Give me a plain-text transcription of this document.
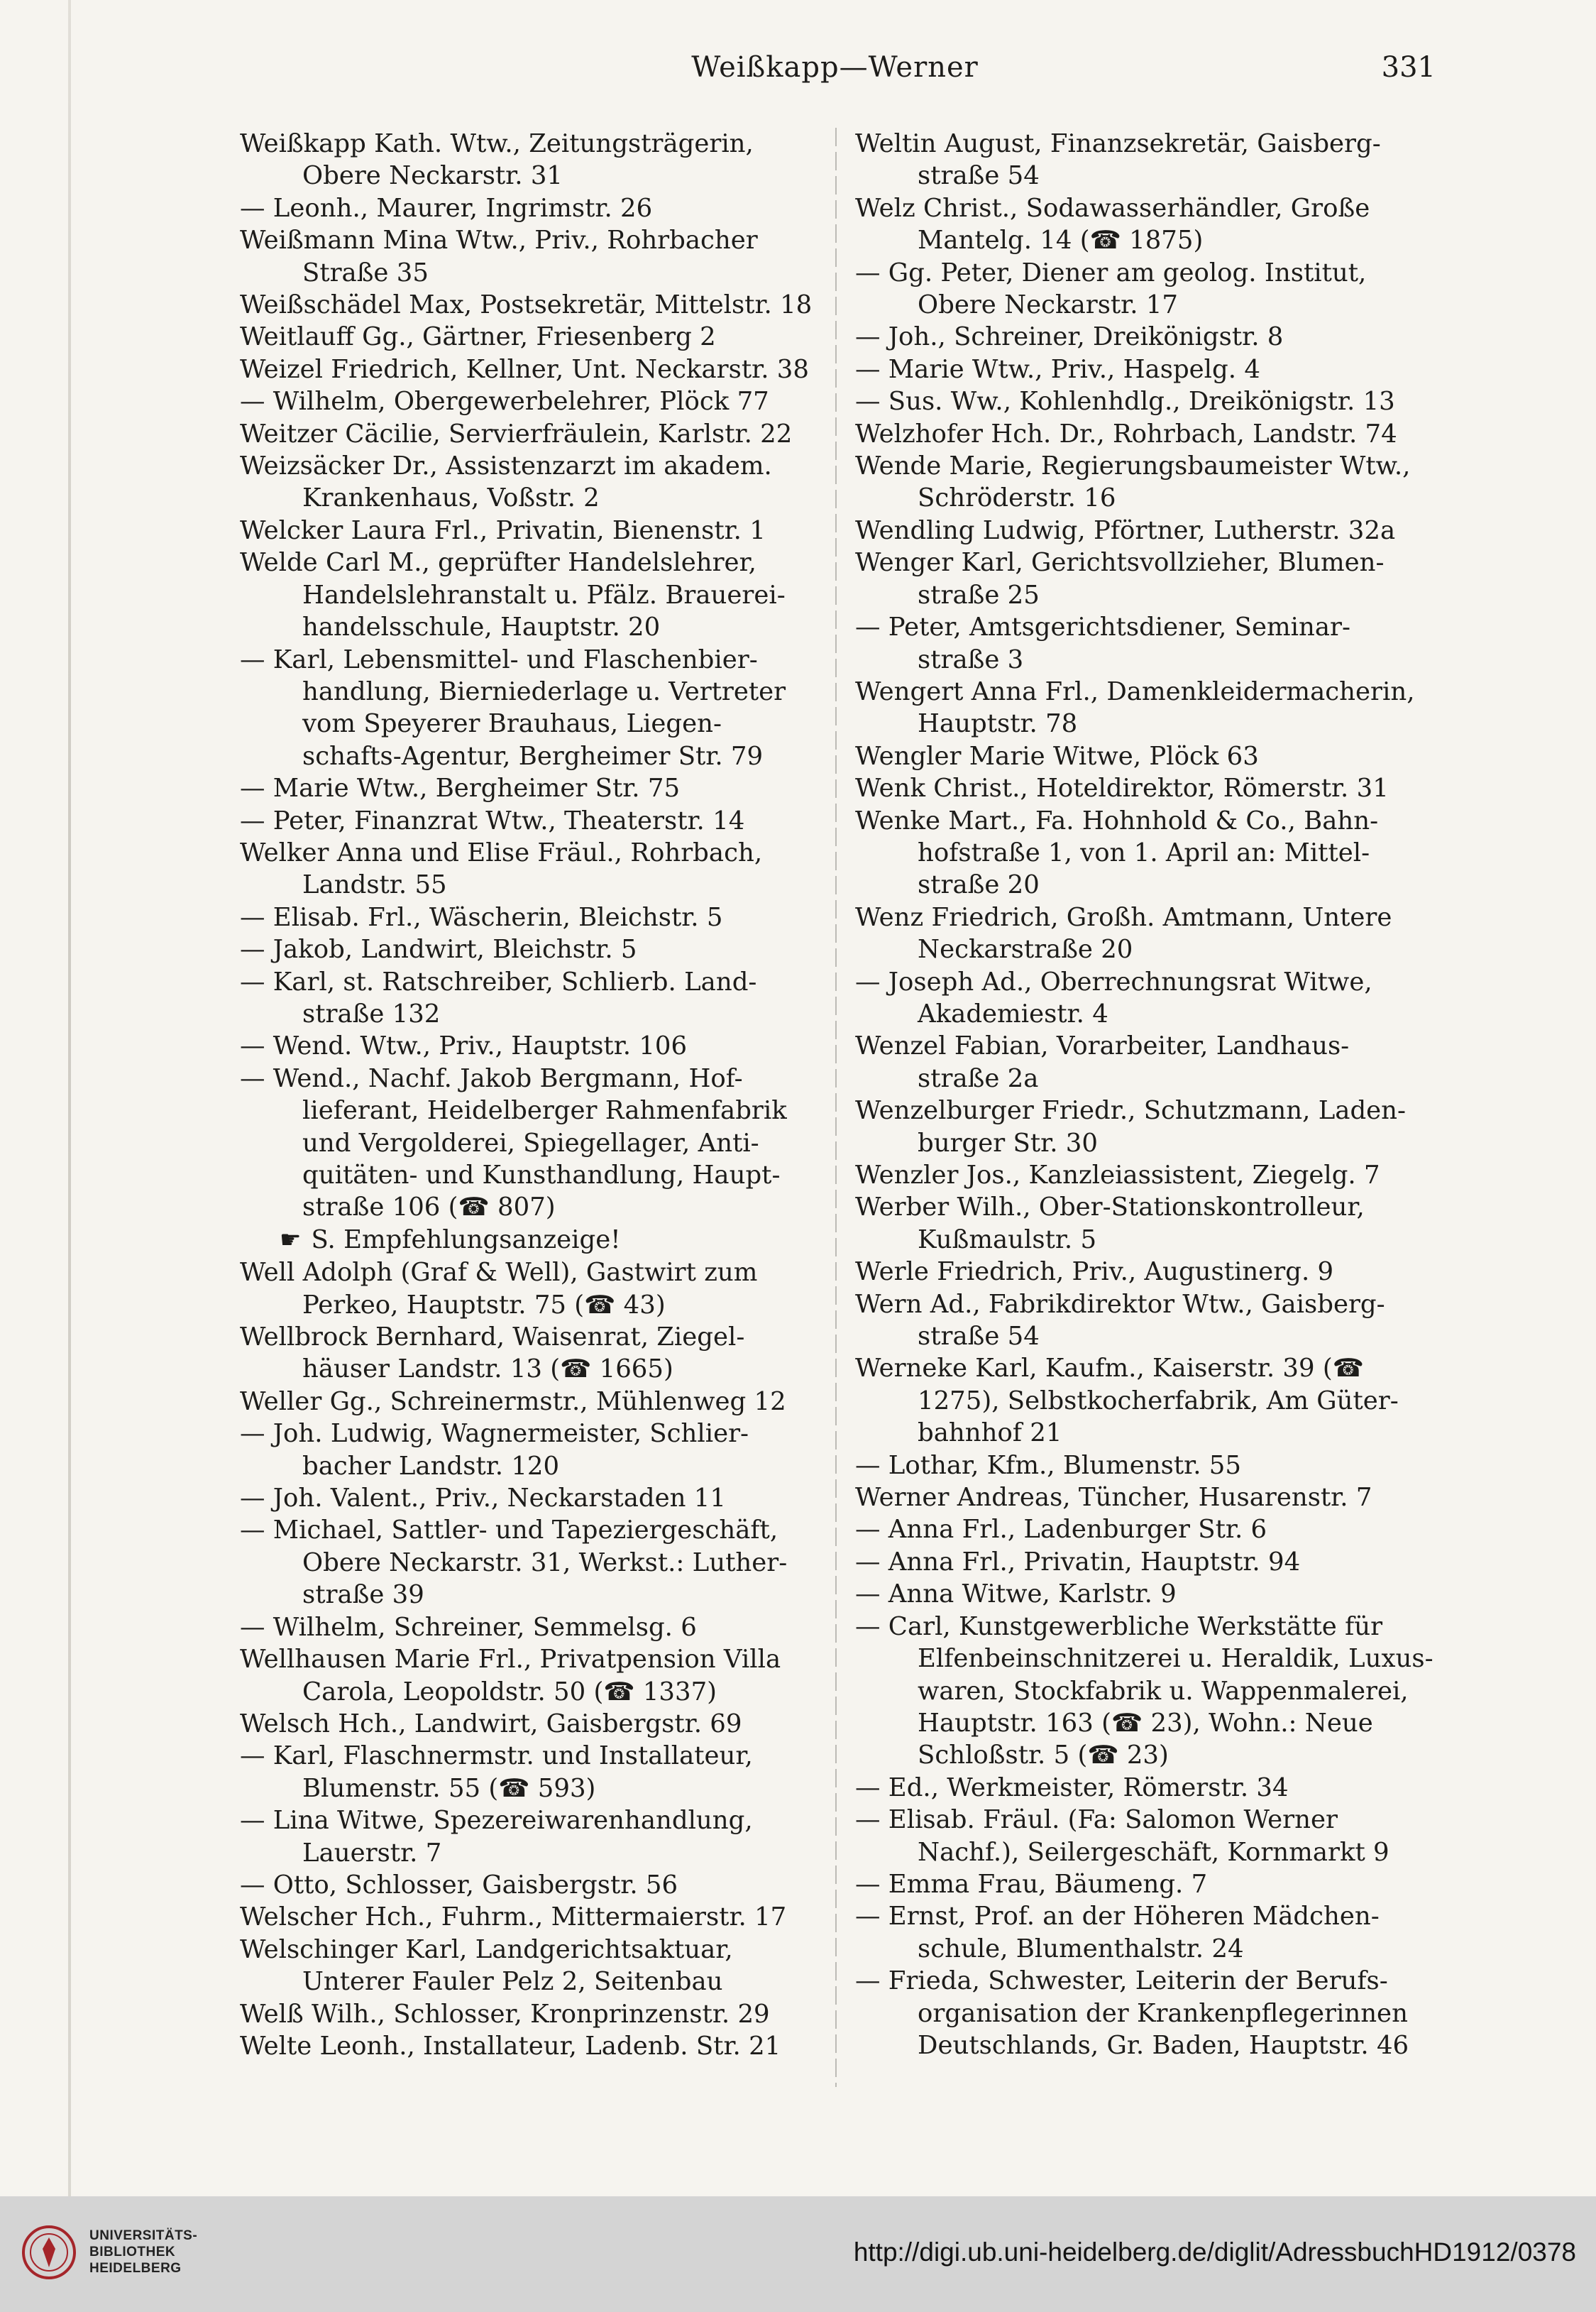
Weißkapp—Werner	331

Weißkapp Kath. Wtw., Zeitungsträgerin,

Obere Neckarstr. 31

— Leonh., Maurer, Ingrimstr. 26

Weißmann Mina Wtw., Priv., Rohrbacher

Straße 35

Weißschädel Max, Postsekretär, Mittelstr. 18

Weitlauff Gg., Gärtner, Friesenberg 2

Weizel Friedrich, Kellner, Unt. Neckarstr. 38

— Wilhelm, Obergewerbelehrer, Plöck 77

Weitzer Cäcilie, Servierfräulein, Karlstr. 22

Weizsäcker Dr., Assistenzarzt im akadem.

Krankenhaus, Voßstr. 2

Welcker Laura Frl., Privatin, Bienenstr. 1

Welde Carl M., geprüfter Handelslehrer,

Handelslehranstalt u. Pfälz. Brauerei-

handelsschule, Hauptstr. 20

— Karl, Lebensmittel- und Flaschenbier-

handlung, Bierniederlage u. Vertreter

vom Speyerer Brauhaus, Liegen-

schafts-Agentur, Bergheimer Str. 79

— Marie Wtw., Bergheimer Str. 75

— Peter, Finanzrat Wtw., Theaterstr. 14

Welker Anna und Elise Fräul., Rohrbach,

Landstr. 55

— Elisab. Frl., Wäscherin, Bleichstr. 5

— Jakob, Landwirt, Bleichstr. 5

— Karl, st. Ratschreiber, Schlierb. Land-

straße 132

— Wend. Wtw., Priv., Hauptstr. 106

— Wend., Nachf. Jakob Bergmann, Hof-

lieferant, Heidelberger Rahmenfabrik

und Vergolderei, Spiegellager, Anti-

quitäten- und Kunsthandlung, Haupt-

straße 106 (☎ 807)

☛ S. Empfehlungsanzeige!

Well Adolph (Graf & Well), Gastwirt zum

Perkeo, Hauptstr. 75 (☎ 43)

Wellbrock Bernhard, Waisenrat, Ziegel-

häuser Landstr. 13 (☎ 1665)

Weller Gg., Schreinermstr., Mühlenweg 12

— Joh. Ludwig, Wagnermeister, Schlier-

bacher Landstr. 120

— Joh. Valent., Priv., Neckarstaden 11

— Michael, Sattler- und Tapeziergeschäft,

Obere Neckarstr. 31, Werkst.: Luther-

straße 39

— Wilhelm, Schreiner, Semmelsg. 6

Wellhausen Marie Frl., Privatpension Villa

Carola, Leopoldstr. 50 (☎ 1337)

Welsch Hch., Landwirt, Gaisbergstr. 69

— Karl, Flaschnermstr. und Installateur,

Blumenstr. 55 (☎ 593)

— Lina Witwe, Spezereiwarenhandlung,

Lauerstr. 7

— Otto, Schlosser, Gaisbergstr. 56

Welscher Hch., Fuhrm., Mittermaierstr. 17

Welschinger Karl, Landgerichtsaktuar,

Unterer Fauler Pelz 2, Seitenbau

Welß Wilh., Schlosser, Kronprinzenstr. 29

Welte Leonh., Installateur, Ladenb. Str. 21

Weltin August, Finanzsekretär, Gaisberg-

straße 54

Welz Christ., Sodawasserhändler, Große

Mantelg. 14 (☎ 1875)

— Gg. Peter, Diener am geolog. Institut,

Obere Neckarstr. 17

— Joh., Schreiner, Dreikönigstr. 8

— Marie Wtw., Priv., Haspelg. 4

— Sus. Ww., Kohlenhdlg., Dreikönigstr. 13

Welzhofer Hch. Dr., Rohrbach, Landstr. 74

Wende Marie, Regierungsbaumeister Wtw.,

Schröderstr. 16

Wendling Ludwig, Pförtner, Lutherstr. 32a

Wenger Karl, Gerichtsvollzieher, Blumen-

straße 25

— Peter, Amtsgerichtsdiener, Seminar-

straße 3

Wengert Anna Frl., Damenkleidermacherin,

Hauptstr. 78

Wengler Marie Witwe, Plöck 63

Wenk Christ., Hoteldirektor, Römerstr. 31

Wenke Mart., Fa. Hohnhold & Co., Bahn-

hofstraße 1, von 1. April an: Mittel-

straße 20

Wenz Friedrich, Großh. Amtmann, Untere

Neckarstraße 20

— Joseph Ad., Oberrechnungsrat Witwe,

Akademiestr. 4

Wenzel Fabian, Vorarbeiter, Landhaus-

straße 2a

Wenzelburger Friedr., Schutzmann, Laden-

burger Str. 30

Wenzler Jos., Kanzleiassistent, Ziegelg. 7

Werber Wilh., Ober-Stationskontrolleur,

Kußmaulstr. 5

Werle Friedrich, Priv., Augustinerg. 9

Wern Ad., Fabrikdirektor Wtw., Gaisberg-

straße 54

Werneke Karl, Kaufm., Kaiserstr. 39 (☎

1275), Selbstkocherfabrik, Am Güter-

bahnhof 21

— Lothar, Kfm., Blumenstr. 55

Werner Andreas, Tüncher, Husarenstr. 7

— Anna Frl., Ladenburger Str. 6

— Anna Frl., Privatin, Hauptstr. 94

— Anna Witwe, Karlstr. 9

— Carl, Kunstgewerbliche Werkstätte für

Elfenbeinschnitzerei u. Heraldik, Luxus-

waren, Stockfabrik u. Wappenmalerei,

Hauptstr. 163 (☎ 23), Wohn.: Neue

Schloßstr. 5 (☎ 23)

— Ed., Werkmeister, Römerstr. 34

— Elisab. Fräul. (Fa: Salomon Werner

Nachf.), Seilergeschäft, Kornmarkt 9

— Emma Frau, Bäumeng. 7

— Ernst, Prof. an der Höheren Mädchen-

schule, Blumenthalstr. 24

— Frieda, Schwester, Leiterin der Berufs-

organisation der Krankenpflegerinnen

Deutschlands, Gr. Baden, Hauptstr. 46

UNIVERSITÄTS-
BIBLIOTHEK
HEIDELBERG
http://digi.ub.uni-heidelberg.de/diglit/AdressbuchHD1912/0378
